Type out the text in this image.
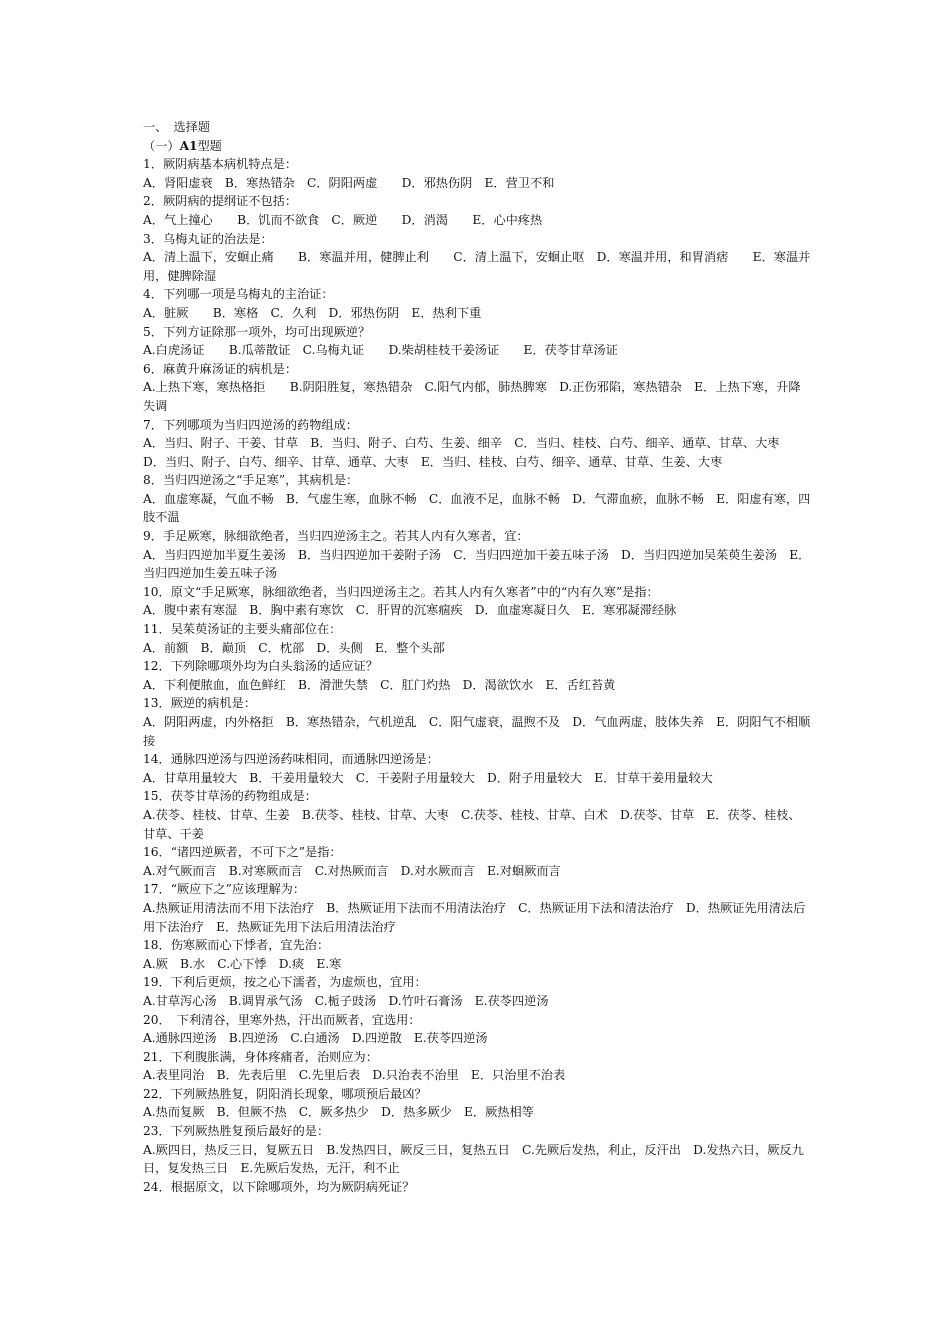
一、　选择题
（一）A1型题
1．厥阴病基本病机特点是：
A．肾阳虚衰　B．寒热错杂　C．阴阳两虚　　D．邪热伤阴　E．营卫不和
2．厥阴病的提纲证不包括：
A．气上撞心　　B．饥而不欲食　C．厥逆　　D．消渴　　E．心中疼热
3．乌梅丸证的治法是：
A．清上温下，安蛔止痛　　B．寒温并用，健脾止利　　C．清上温下，安蛔止呕　D．寒温并用，和胃消痞　　E．寒温并用，健脾除湿
4．下列哪一项是乌梅丸的主治证：
A．脏厥　　B．寒格　C．久利　D．邪热伤阴　E．热利下重
5．下列方证除那一项外，均可出现厥逆？
A.白虎汤证　　B.瓜蒂散证　C.乌梅丸证　　D.柴胡桂枝干姜汤证　　E．茯苓甘草汤证
6．麻黄升麻汤证的病机是：
A.上热下寒，寒热格拒　　B.阴阳胜复，寒热错杂　C.阳气内郁，肺热脾寒　D.正伤邪陷，寒热错杂　E．上热下寒，升降失调
7．下列哪项为当归四逆汤的药物组成：
A．当归、附子、干姜、甘草　B．当归、附子、白芍、生姜、细辛　C．当归、桂枝、白芍、细辛、通草、甘草、大枣　D．当归、附子、白芍、细辛、甘草、通草、大枣　E．当归、桂枝、白芍、细辛、通草、甘草、生姜、大枣
8．当归四逆汤之“手足寒”，其病机是：
A．血虚寒凝，气血不畅　B．气虚生寒，血脉不畅　C．血液不足，血脉不畅　D．气滞血瘀，血脉不畅　E．阳虚有寒，四肢不温
9．手足厥寒，脉细欲绝者，当归四逆汤主之。若其人内有久寒者，宜：
A．当归四逆加半夏生姜汤　B．当归四逆加干姜附子汤　C．当归四逆加干姜五味子汤　D．当归四逆加吴茱萸生姜汤　E．当归四逆加生姜五味子汤
10．原文“手足厥寒，脉细欲绝者，当归四逆汤主之。若其人内有久寒者”中的“内有久寒”是指：
A．腹中素有寒湿　B．胸中素有寒饮　C．肝胃的沉寒痼疾　D．血虚寒凝日久　E．寒邪凝滞经脉
11．吴茱萸汤证的主要头痛部位在：
A．前额　B．巅顶　C．枕部　D．头侧　E．整个头部
12．下列除哪项外均为白头翁汤的适应证？
A．下利便脓血，血色鲜红　B．滑泄失禁　C．肛门灼热　D．渴欲饮水　E．舌红苔黄
13．厥逆的病机是：
A．阴阳两虚，内外格拒　B．寒热错杂，气机逆乱　C．阳气虚衰，温煦不及　D．气血两虚，肢体失养　E．阴阳气不相顺接
14．通脉四逆汤与四逆汤药味相同，而通脉四逆汤是：
A．甘草用量较大　B．干姜用量较大　C．干姜附子用量较大　D．附子用量较大　E．甘草干姜用量较大
15．茯苓甘草汤的药物组成是：
A.茯苓、桂枝、甘草、生姜　B.茯苓、桂枝、甘草、大枣　C.茯苓、桂枝、甘草、白术　D.茯苓、甘草　E．茯苓、桂枝、甘草、干姜
16．“诸四逆厥者，不可下之”是指：
A.对气厥而言　B.对寒厥而言　C.对热厥而言　D.对水厥而言　E.对蛔厥而言
17．“厥应下之”应该理解为：
A.热厥证用清法而不用下法治疗　B．热厥证用下法而不用清法治疗　C．热厥证用下法和清法治疗　D．热厥证先用清法后用下法治疗　E．热厥证先用下法后用清法治疗
18．伤寒厥而心下悸者，宜先治：
A.厥　B.水　C.心下悸　D.痰　E.寒
19．下利后更烦，按之心下濡者，为虚烦也，宜用：
A.甘草泻心汤　B.调胃承气汤　C.栀子豉汤　D.竹叶石膏汤　E.茯苓四逆汤
20．　下利清谷，里寒外热，汗出而厥者，宜选用：
A.通脉四逆汤　B.四逆汤　C.白通汤　D.四逆散　E.茯苓四逆汤
21．下利腹胀满，身体疼痛者，治则应为：
A.表里同治　B．先表后里　C.先里后表　D.只治表不治里　E．只治里不治表
22．下列厥热胜复，阴阳消长现象，哪项预后最凶？
A.热而复厥　B．但厥不热　C．厥多热少　D．热多厥少　E．厥热相等
23．下列厥热胜复预后最好的是：
A.厥四日，热反三日，复厥五日　B.发热四日，厥反三日，复热五日　C.先厥后发热，利止，反汗出　D.发热六日，厥反九日，复发热三日　E.先厥后发热，无汗，利不止
24．根据原文，以下除哪项外，均为厥阴病死证？
